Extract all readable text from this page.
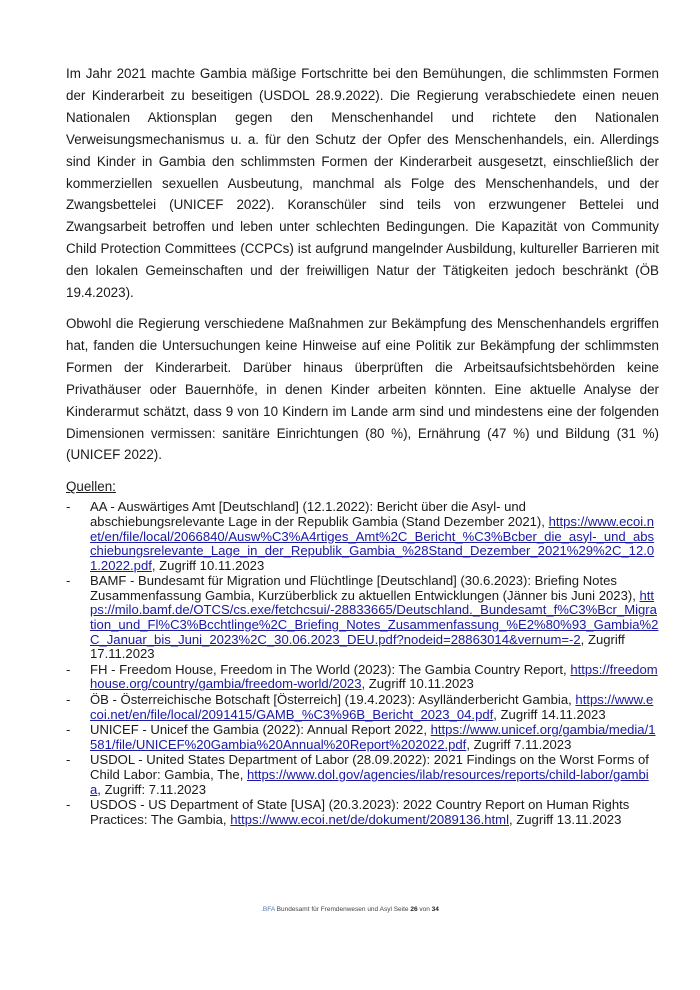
Im Jahr 2021 machte Gambia mäßige Fortschritte bei den Bemühungen, die schlimmsten Formen der Kinderarbeit zu beseitigen (USDOL 28.9.2022). Die Regierung verabschiedete einen neuen Nationalen Aktionsplan gegen den Menschenhandel und richtete den Nationalen Verweisungsmechanismus u. a. für den Schutz der Opfer des Menschenhandels, ein. Allerdings sind Kinder in Gambia den schlimmsten Formen der Kinderarbeit ausgesetzt, einschließlich der kommerziellen sexuellen Ausbeutung, manchmal als Folge des Menschenhandels, und der Zwangsbettelei (UNICEF 2022). Koranschüler sind teils von erzwungener Bettelei und Zwangsarbeit betroffen und leben unter schlechten Bedingungen. Die Kapazität von Community Child Protection Committees (CCPCs) ist aufgrund mangelnder Ausbildung, kultureller Barrieren mit den lokalen Gemeinschaften und der freiwilligen Natur der Tätigkeiten jedoch beschränkt (ÖB 19.4.2023).

Obwohl die Regierung verschiedene Maßnahmen zur Bekämpfung des Menschenhandels ergriffen hat, fanden die Untersuchungen keine Hinweise auf eine Politik zur Bekämpfung der schlimmsten Formen der Kinderarbeit. Darüber hinaus überprüften die Arbeitsaufsichtsbehörden keine Privathäuser oder Bauernhöfe, in denen Kinder arbeiten könnten. Eine aktuelle Analyse der Kinderarmut schätzt, dass 9 von 10 Kindern im Lande arm sind und mindestens eine der folgenden Dimensionen vermissen: sanitäre Einrichtungen (80 %), Ernährung (47 %) und Bildung (31 %) (UNICEF 2022).

Quellen:
- AA - Auswärtiges Amt [Deutschland] (12.1.2022): Bericht über die Asyl- und abschiebungsrelevante Lage in der Republik Gambia (Stand Dezember 2021), https://www.ecoi.net/en/file/local/2066840/Ausw%C3%A4rtiges_Amt%2C_Bericht_%C3%Bcber_die_asyl-_und_abschiebungsrelevante_Lage_in_der_Republik_Gambia_%28Stand_Dezember_2021%29%2C_12.01.2022.pdf, Zugriff 10.11.2023
- BAMF - Bundesamt für Migration und Flüchtlinge [Deutschland] (30.6.2023): Briefing Notes Zusammenfassung Gambia, Kurzüberblick zu aktuellen Entwicklungen (Jänner bis Juni 2023), https://milo.bamf.de/OTCS/cs.exe/fetchcsui/-28833665/Deutschland._Bundesamt_f%C3%Bcr_Migration_und_Fl%C3%Bcchtlinge%2C_Briefing_Notes_Zusammenfassung_%E2%80%93_Gambia%2C_Januar_bis_Juni_2023%2C_30.06.2023_DEU.pdf?nodeid=28863014&vernum=-2, Zugriff 17.11.2023
- FH - Freedom House, Freedom in The World (2023): The Gambia Country Report, https://freedomhouse.org/country/gambia/freedom-world/2023, Zugriff 10.11.2023
- ÖB - Österreichische Botschaft [Österreich] (19.4.2023): Asylländerbericht Gambia, https://www.ecoi.net/en/file/local/2091415/GAMB_%C3%96B_Bericht_2023_04.pdf, Zugriff 14.11.2023
- UNICEF - Unicef the Gambia (2022): Annual Report 2022, https://www.unicef.org/gambia/media/1581/file/UNICEF%20Gambia%20Annual%20Report%202022.pdf, Zugriff 7.11.2023
- USDOL - United States Department of Labor (28.09.2022): 2021 Findings on the Worst Forms of Child Labor: Gambia, The, https://www.dol.gov/agencies/ilab/resources/reports/child-labor/gambia, Zugriff: 7.11.2023
- USDOS - US Department of State [USA] (20.3.2023): 2022 Country Report on Human Rights Practices: The Gambia, https://www.ecoi.net/de/dokument/2089136.html, Zugriff 13.11.2023
.BFA Bundesamt für Fremdenwesen und Asyl Seite 26 von 34
